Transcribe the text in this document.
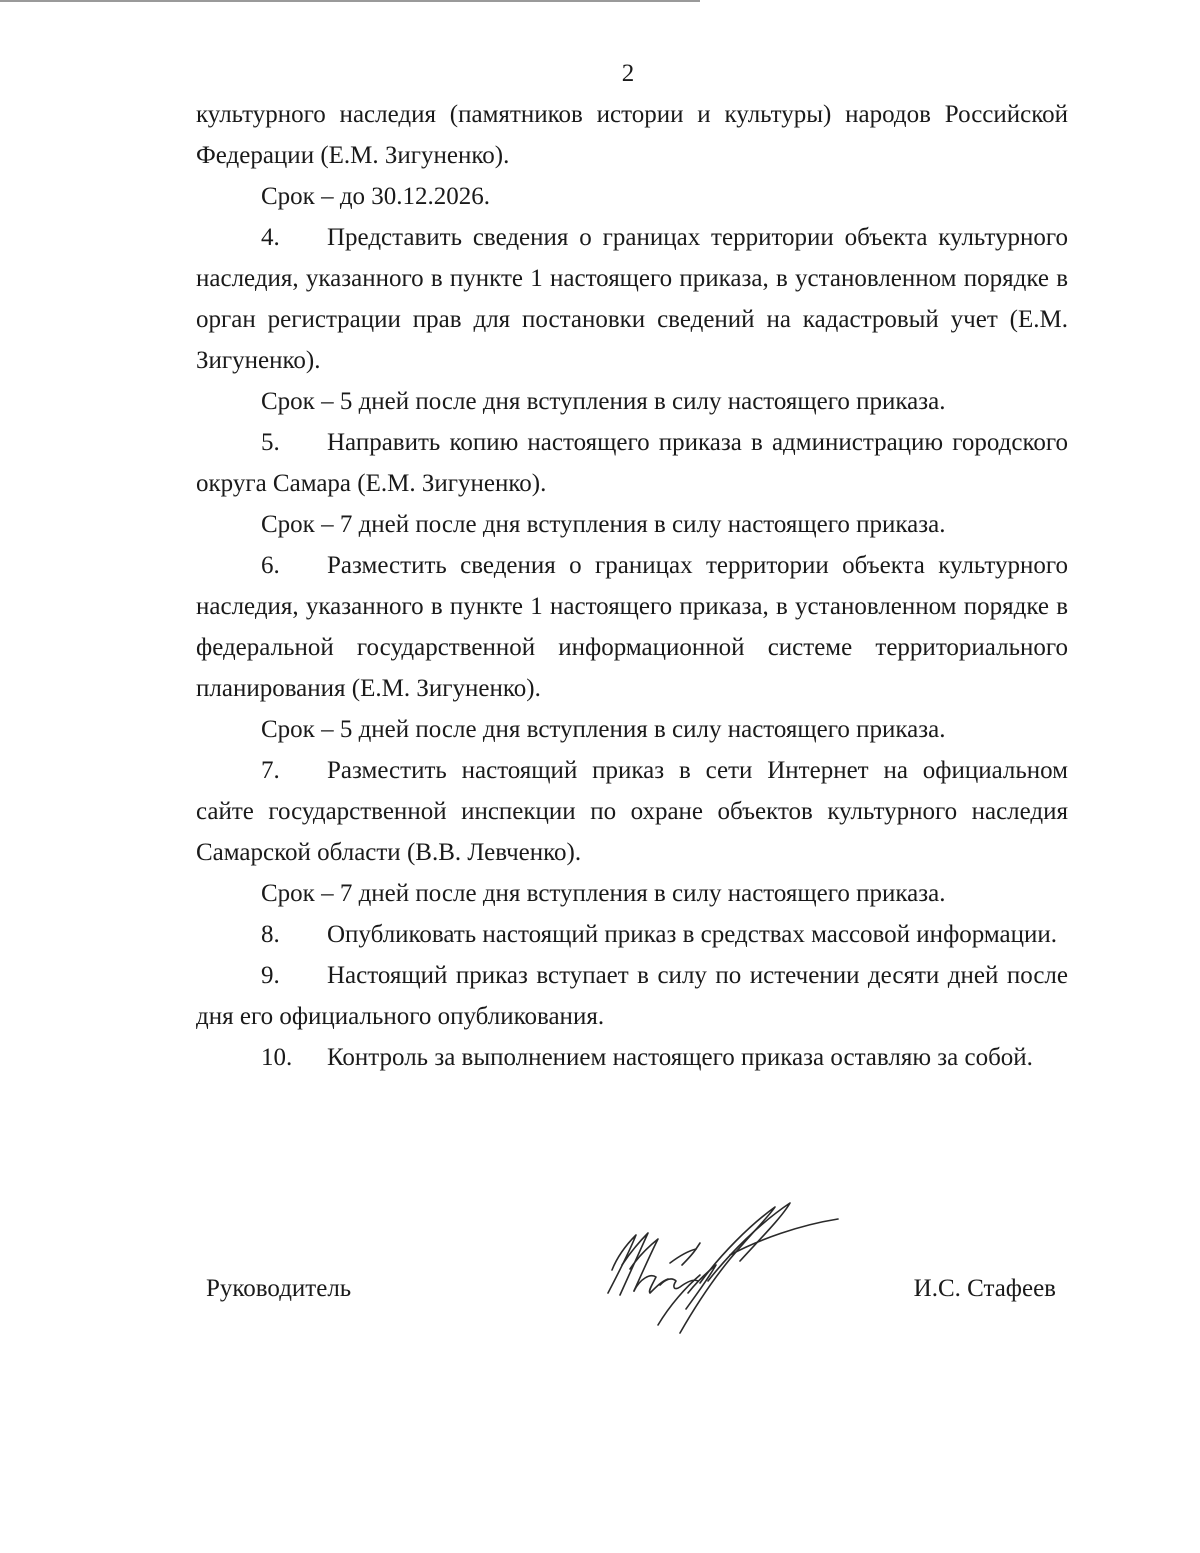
2

культурного наследия (памятников истории и культуры) народов Российской Федерации (Е.М. Зигуненко).

Срок – до 30.12.2026.

4. Представить сведения о границах территории объекта культурного наследия, указанного в пункте 1 настоящего приказа, в установленном порядке в орган регистрации прав для постановки сведений на кадастровый учет (Е.М. Зигуненко).

Срок – 5 дней после дня вступления в силу настоящего приказа.

5. Направить копию настоящего приказа в администрацию городского округа Самара (Е.М. Зигуненко).

Срок – 7 дней после дня вступления в силу настоящего приказа.

6. Разместить сведения о границах территории объекта культурного наследия, указанного в пункте 1 настоящего приказа, в установленном порядке в федеральной государственной информационной системе территориального планирования (Е.М. Зигуненко).

Срок – 5 дней после дня вступления в силу настоящего приказа.

7. Разместить настоящий приказ в сети Интернет на официальном сайте государственной инспекции по охране объектов культурного наследия Самарской области (В.В. Левченко).

Срок – 7 дней после дня вступления в силу настоящего приказа.

8. Опубликовать настоящий приказ в средствах массовой информации.

9. Настоящий приказ вступает в силу по истечении десяти дней после дня его официального опубликования.

10. Контроль за выполнением настоящего приказа оставляю за собой.

Руководитель	И.С. Стафеев
